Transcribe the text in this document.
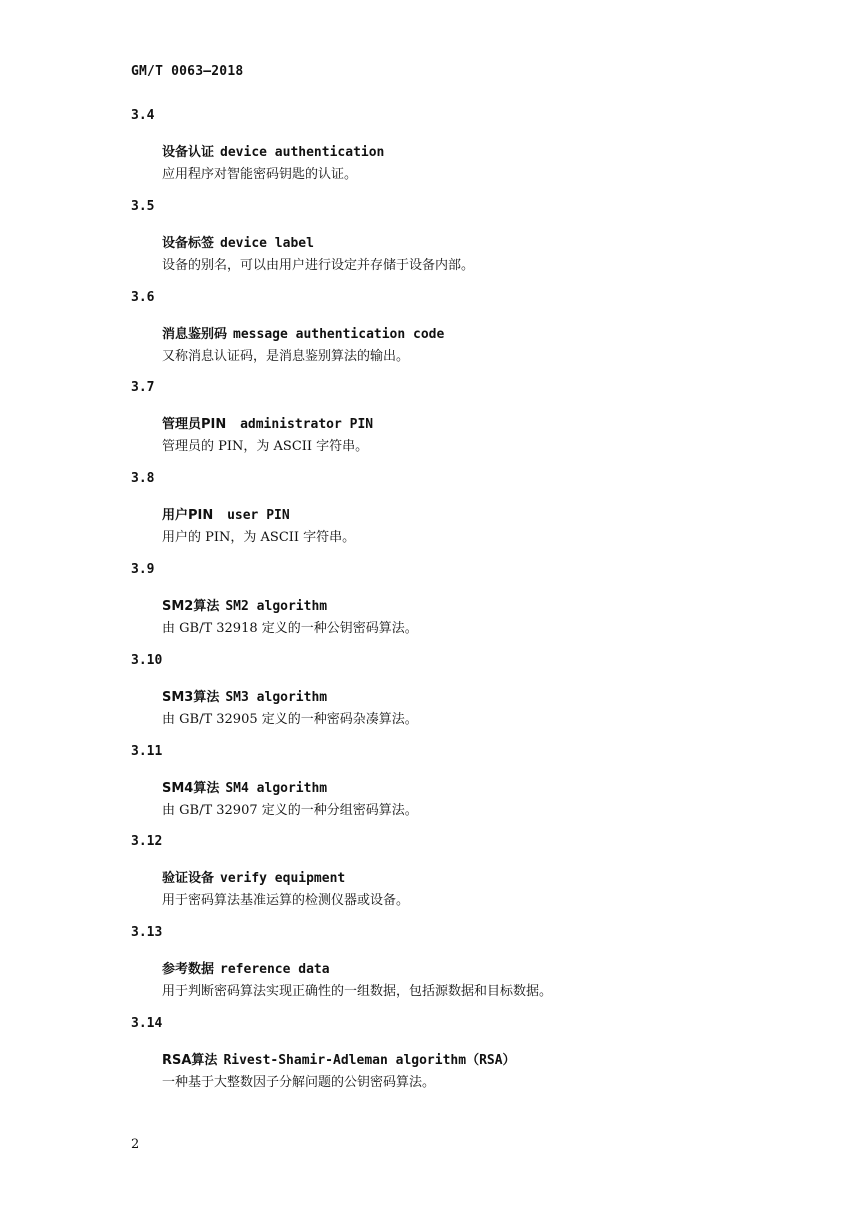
GM/T 0063—2018
3.4
设备认证 device authentication
应用程序对智能密码钥匙的认证。
3.5
设备标签 device label
设备的别名，可以由用户进行设定并存储于设备内部。
3.6
消息鉴别码 message authentication code
又称消息认证码，是消息鉴别算法的输出。
3.7
管理员PIN administrator PIN
管理员的 PIN，为 ASCII 字符串。
3.8
用户PIN user PIN
用户的 PIN，为 ASCII 字符串。
3.9
SM2算法 SM2 algorithm
由 GB/T 32918 定义的一种公钥密码算法。
3.10
SM3算法 SM3 algorithm
由 GB/T 32905 定义的一种密码杂凑算法。
3.11
SM4算法 SM4 algorithm
由 GB/T 32907 定义的一种分组密码算法。
3.12
验证设备 verify equipment
用于密码算法基准运算的检测仪器或设备。
3.13
参考数据 reference data
用于判断密码算法实现正确性的一组数据，包括源数据和目标数据。
3.14
RSA算法 Rivest-Shamir-Adleman algorithm（RSA）
一种基于大整数因子分解问题的公钥密码算法。
2
